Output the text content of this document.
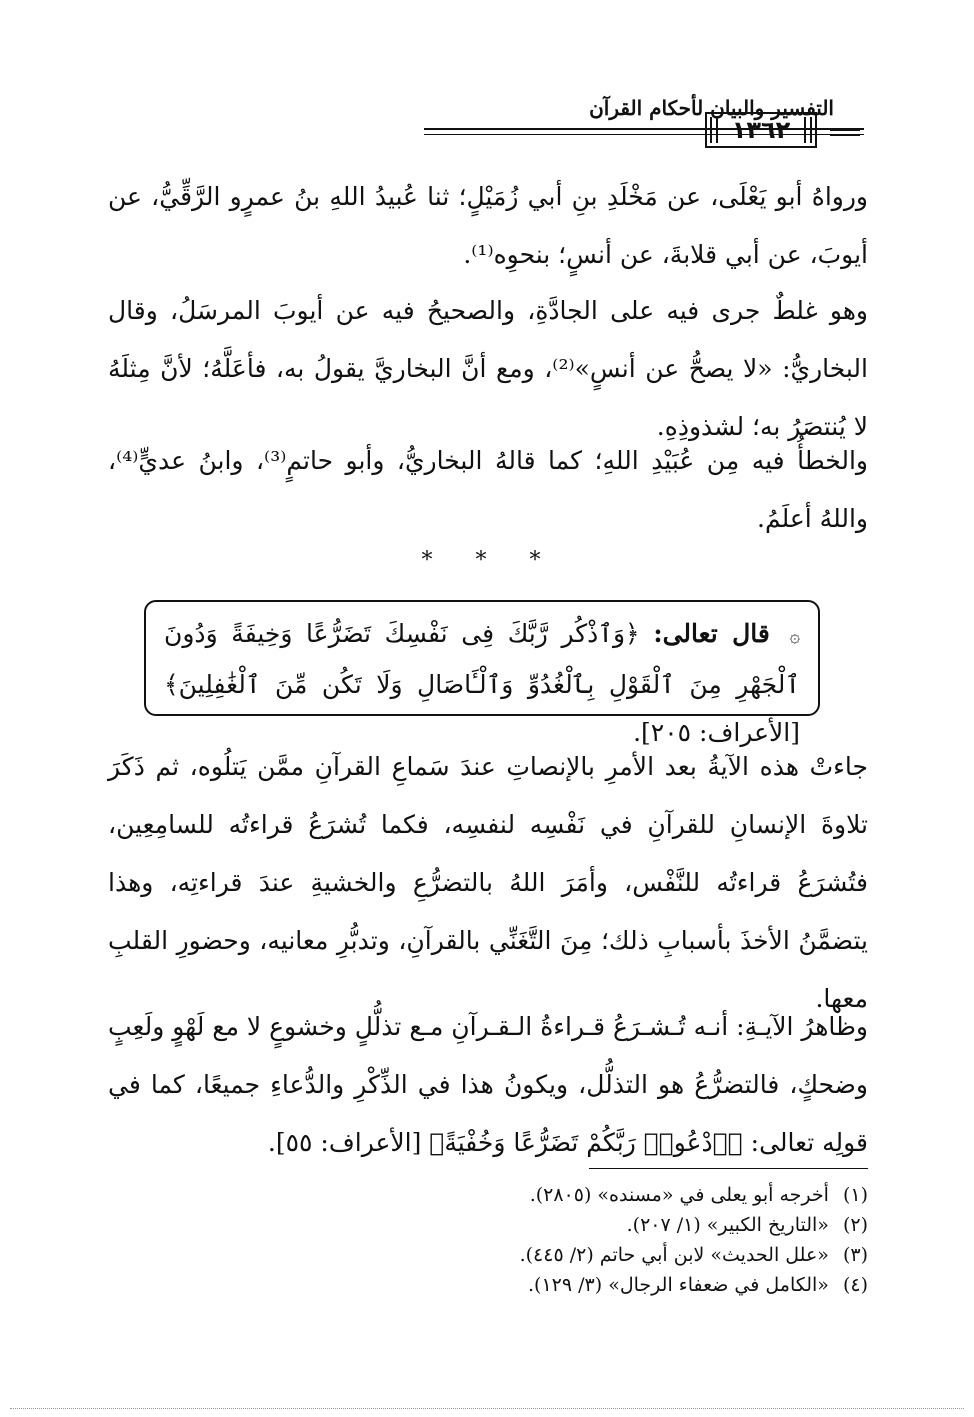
التفسير والبيان لأحكام القرآن
١٣٦٢

ورواهُ أبو يَعْلَى، عن مَخْلَدِ بنِ أبي زُمَيْلٍ؛ ثنا عُبيدُ اللهِ بنُ عمرٍو الرَّقِّيُّ، عن أيوبَ، عن أبي قلابةَ، عن أنسٍ؛ بنحوِه⁽¹⁾.

وهو غلطٌ جرى فيه على الجادَّةِ، والصحيحُ فيه عن أيوبَ المرسَلُ، وقال البخاريُّ: «لا يصحُّ عن أنسٍ»⁽²⁾، ومع أنَّ البخاريَّ يقولُ به، فأعَلَّهُ؛ لأنَّ مِثلَهُ لا يُنتصَرُ به؛ لشذوذِهِ.

والخطأُ فيه مِن عُبَيْدِ اللهِ؛ كما قالهُ البخاريُّ، وأبو حاتمٍ⁽³⁾، وابنُ عديٍّ⁽⁴⁾، واللهُ أعلَمُ.

* * *
۞ قال تعالى: ﴿وَٱذْكُر رَّبَّكَ فِى نَفْسِكَ تَضَرُّعًا وَخِيفَةً وَدُونَ ٱلْجَهْرِ مِنَ ٱلْقَوْلِ بِٱلْغُدُوِّ وَٱلْـَٔاصَالِ وَلَا تَكُن مِّنَ ٱلْغَٰفِلِينَ﴾ [الأعراف: ٢٠٥].

جاءتْ هذه الآيةُ بعد الأمرِ بالإنصاتِ عندَ سَماعِ القرآنِ ممَّن يَتلُوه، ثم ذَكَرَ تلاوةَ الإنسانِ للقرآنِ في نَفْسِه لنفسِه، فكما تُشرَعُ قراءتُه للسامِعِين، فتُشرَعُ قراءتُه للنَّفْس، وأمَرَ اللهُ بالتضرُّعِ والخشيةِ عندَ قراءتِه، وهذا يتضمَّنُ الأخذَ بأسبابِ ذلك؛ مِنَ التَّغَنِّي بالقرآنِ، وتدبُّرِ معانيه، وحضورِ القلبِ معها.

وظاهرُ الآيـةِ: أنـه تُـشـرَعُ قـراءةُ الـقـرآنِ مـع تذلُّلٍ وخشوعٍ لا مع لَهْوٍ ولَعِبٍ وضحكٍ، فالتضرُّعُ هو التذلُّل، ويكونُ هذا في الذِّكْرِ والدُّعاءِ جميعًا، كما في قولِه تعالى: ﴿ٱدْعُوا۟ رَبَّكُمْ تَضَرُّعًا وَخُفْيَةً﴾ [الأعراف: ٥٥].

(١)أخرجه أبو يعلى في «مسنده» (٢٨٠٥).
(٢)«التاريخ الكبير» (١/ ٢٠٧).
(٣)«علل الحديث» لابن أبي حاتم (٢/ ٤٤٥).
(٤)«الكامل في ضعفاء الرجال» (٣/ ١٢٩).
